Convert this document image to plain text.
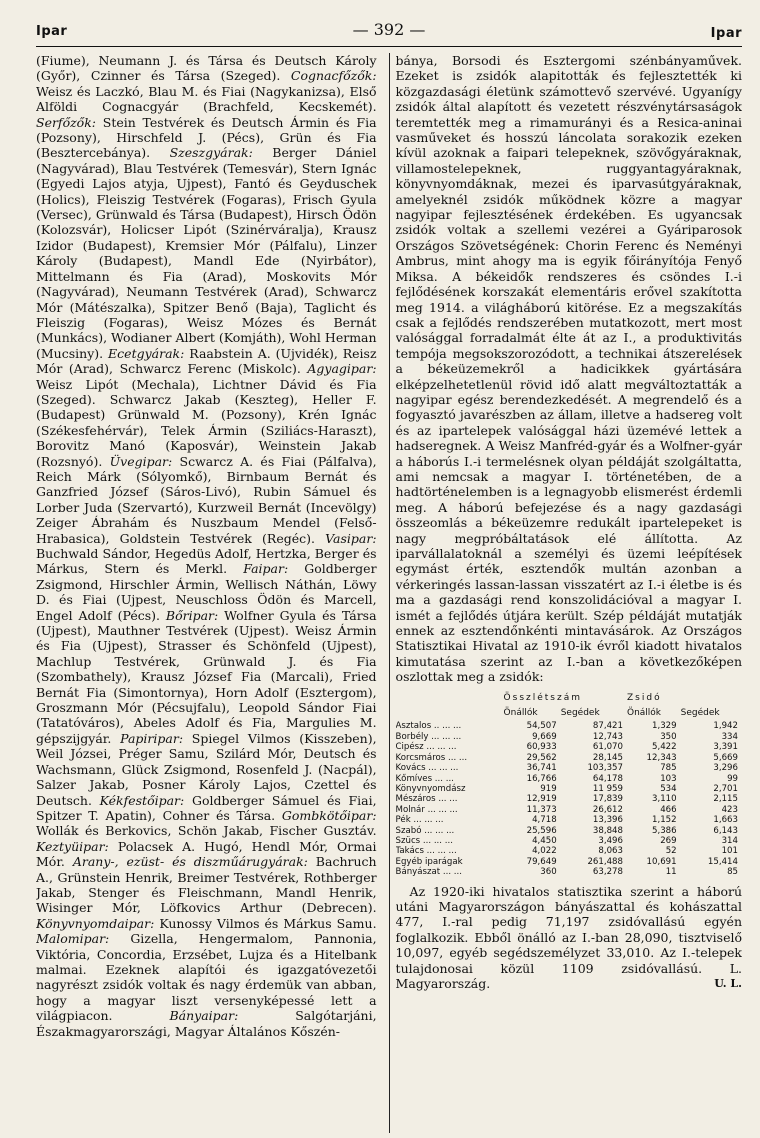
Ipar	— 392 —	Ipar

(Fiume), Neumann J. és Társa és Deutsch Károly (Győr), Czinner és Társa (Szeged). Cognacfőzők: Weisz és Laczkó, Blau M. és Fiai (Nagykanizsa), Első Alföldi Cognacgyár (Brachfeld, Kecskemét). Serfőzők: Stein Testvérek és Deutsch Ármin és Fia (Pozsony), Hirschfeld J. (Pécs), Grün és Fia (Besztercebánya). Szeszgyárak: Berger Dániel (Nagyvárad), Blau Testvérek (Temesvár), Stern Ignác (Egyedi Lajos atyja, Ujpest), Fantó és Geyduschek (Holics), Fleiszig Testvérek (Fogaras), Frisch Gyula (Versec), Grünwald és Társa (Budapest), Hirsch Ödön (Kolozsvár), Holicser Lipót (Szinérváralja), Krausz Izidor (Budapest), Kremsier Mór (Pálfalu), Linzer Károly (Budapest), Mandl Ede (Nyirbátor), Mittelmann és Fia (Arad), Moskovits Mór (Nagyvárad), Neumann Testvérek (Arad), Schwarcz Mór (Mátészalka), Spitzer Benő (Baja), Taglicht és Fleiszig (Fogaras), Weisz Mózes és Bernát (Munkács), Wodianer Albert (Komjáth), Wohl Herman (Mucsiny). Ecetgyárak: Raabstein A. (Ujvidék), Reisz Mór (Arad), Schwarcz Ferenc (Miskolc). Agyagipar: Weisz Lipót (Mechala), Lichtner Dávid és Fia (Szeged). Schwarcz Jakab (Keszteg), Heller F. (Budapest) Grünwald M. (Pozsony), Krén Ignác (Székesfehérvár), Telek Ármin (Sziliács-Haraszt), Borovitz Manó (Kaposvár), Weinstein Jakab (Rozsnyó). Üvegipar: Scwarcz A. és Fiai (Pálfalva), Reich Márk (Sólyomkő), Birnbaum Bernát és Ganzfried József (Sáros-Livó), Rubin Sámuel és Lorber Juda (Szervartó), Kurzweil Bernát (Incevölgy) Zeiger Ábrahám és Nuszbaum Mendel (Felső-Hrabasica), Goldstein Testvérek (Regéc). Vasipar: Buchwald Sándor, Hegedüs Adolf, Hertzka, Berger és Márkus, Stern és Merkl. Faipar: Goldberger Zsigmond, Hirschler Ármin, Wellisch Náthán, Löwy D. és Fiai (Ujpest, Neuschloss Ödön és Marcell, Engel Adolf (Pécs). Bőripar: Wolfner Gyula és Társa (Ujpest), Mauthner Testvérek (Ujpest). Weisz Ármin és Fia (Ujpest), Strasser és Schönfeld (Ujpest), Machlup Testvérek, Grünwald J. és Fia (Szombathely), Krausz József Fia (Marcali), Fried Bernát Fia (Simontornya), Horn Adolf (Esztergom), Groszmann Mór (Pécsujfalu), Leopold Sándor Fiai (Tatatóváros), Abeles Adolf és Fia, Margulies M. gépszijgyár. Papiripar: Spiegel Vilmos (Kisszeben), Weil Józsei, Préger Samu, Szilárd Mór, Deutsch és Wachsmann, Glück Zsigmond, Rosenfeld J. (Nacpál), Salzer Jakab, Posner Károly Lajos, Czettel és Deutsch. Kékfestőipar: Goldberger Sámuel és Fiai, Spitzer T. Apatin), Cohner és Társa. Gombkötőipar: Wollák és Berkovics, Schön Jakab, Fischer Gusztáv. Keztyüipar: Polacsek A. Hugó, Hendl Mór, Ormai Mór. Arany-, ezüst- és diszműárugyárak: Bachruch A., Grünstein Henrik, Breimer Testvérek, Rothberger Jakab, Stenger és Fleischmann, Mandl Henrik, Wisinger Mór, Löfkovics Arthur (Debrecen). Könyvnyomdaipar: Kunossy Vilmos és Márkus Samu. Malomipar: Gizella, Hengermalom, Pannonia, Viktória, Concordia, Erzsébet, Lujza és a Hitelbank malmai. Ezeknek alapítói és igazgatóvezetői nagyrészt zsidók voltak és nagy érdemük van abban, hogy a magyar liszt versenyképessé lett a világpiacon. Bányaipar: Salgótarjáni, Északmagyarországi, Magyar Általános Kőszén-

bánya, Borsodi és Esztergomi szénbányaművek. Ezeket is zsidók alapitották és fejlesztették ki közgazdasági életünk számottevő szervévé. Ugyanígy zsidók által alapított és vezetett részvénytársaságok teremtették meg a rimamurányi és a Resica-aninai vasműveket és hosszú láncolata sorakozik ezeken kívül azoknak a faipari telepeknek, szövőgyáraknak, villamostelepeknek, ruggyantagyáraknak, könyvnyomdáknak, mezei és iparvasútgyáraknak, amelyeknél zsidók működnek közre a magyar nagyipar fejlesztésének érdekében. Es ugyancsak zsidók voltak a szellemi vezérei a Gyáriparosok Országos Szövetségének: Chorin Ferenc és Neményi Ambrus, mint ahogy ma is egyik főirányítója Fenyő Miksa. A békeidők rendszeres és csöndes I.-i fejlődésének korszakát elementáris erővel szakította meg 1914. a világháború kitörése. Ez a megszakítás csak a fejlődés rendszerében mutatkozott, mert most valósággal forradalmát élte át az I., a produktivitás tempója megsokszorozódott, a technikai átszerelések a békeüzemekről a hadicikkek gyártására elképzelhetetlenül rövid idő alatt megváltoztatták a nagyipar egész berendezkedését. A megrendelő és a fogyasztó javarészben az állam, illetve a hadsereg volt és az ipartelepek valósággal házi üzemévé lettek a hadseregnek. A Weisz Manfréd-gyár és a Wolfner-gyár a háborús I.-i termelésnek olyan példáját szolgáltatta, ami nemcsak a magyar I. történetében, de a hadtörténelemben is a legnagyobb elismerést érdemli meg. A háború befejezése és a nagy gazdasági összeomlás a békeüzemre redukált ipartelepeket is nagy megpróbáltatások elé állította. Az iparvállalatoknál a személyi és üzemi leépítések egymást érték, esztendők multán azonban a vérkeringés lassan-lassan visszatért az I.-i életbe is és ma a gazdasági rend konszolidációval a magyar I. ismét a fejlődés útjára került. Szép példáját mutatják ennek az esztendőnkénti mintavásárok. Az Országos Statisztikai Hivatal az 1910-ik évről kiadott hivatalos kimutatása szerint az I.-ban a következőképen oszlottak meg a zsidók:

	Összlétszám		Zsidó	
	Önállók	Segédek	Önállók	Segédek
Asztalos .. ... ...	54,507	87,421	1,329	1,942
Borbély ... ... ...	9,669	12,743	350	334
Cipész ... ... ...	60,933	61,070	5,422	3,391
Korcsmáros ... ...	29,562	28,145	12,343	5,669
Kovács ... ... ...	36,741	103,357	785	3,296
Kőmíves ... ...	16,766	64,178	103	99
Könyvnyomdász	919	11 959	534	2,701
Mészáros ... ...	12,919	17,839	3,110	2,115
Molnár ... ... ...	11,373	26,612	466	423
Pék ... ... ...	4,718	13,396	1,152	1,663
Szabó ... ... ...	25,596	38,848	5,386	6,143
Szücs ... ... ...	4,450	3,496	269	314
Takács ... ... ...	4,022	8,063	52	101
Egyéb iparágak	79,649	261,488	10,691	15,414
Bányászat ... ...	360	63,278	11	85

Az 1920-iki hivatalos statisztika szerint a háború utáni Magyarországon bányászattal és kohászattal 477, I.-ral pedig 71,197 zsidóvallású egyén foglalkozik. Ebből önálló az I.-ban 28,090, tisztviselő 10,097, egyéb segédszemélyzet 33,010. Az I.-telepek tulajdonosai közül 1109 zsidóvallású. L. Magyarország.	U. L.
